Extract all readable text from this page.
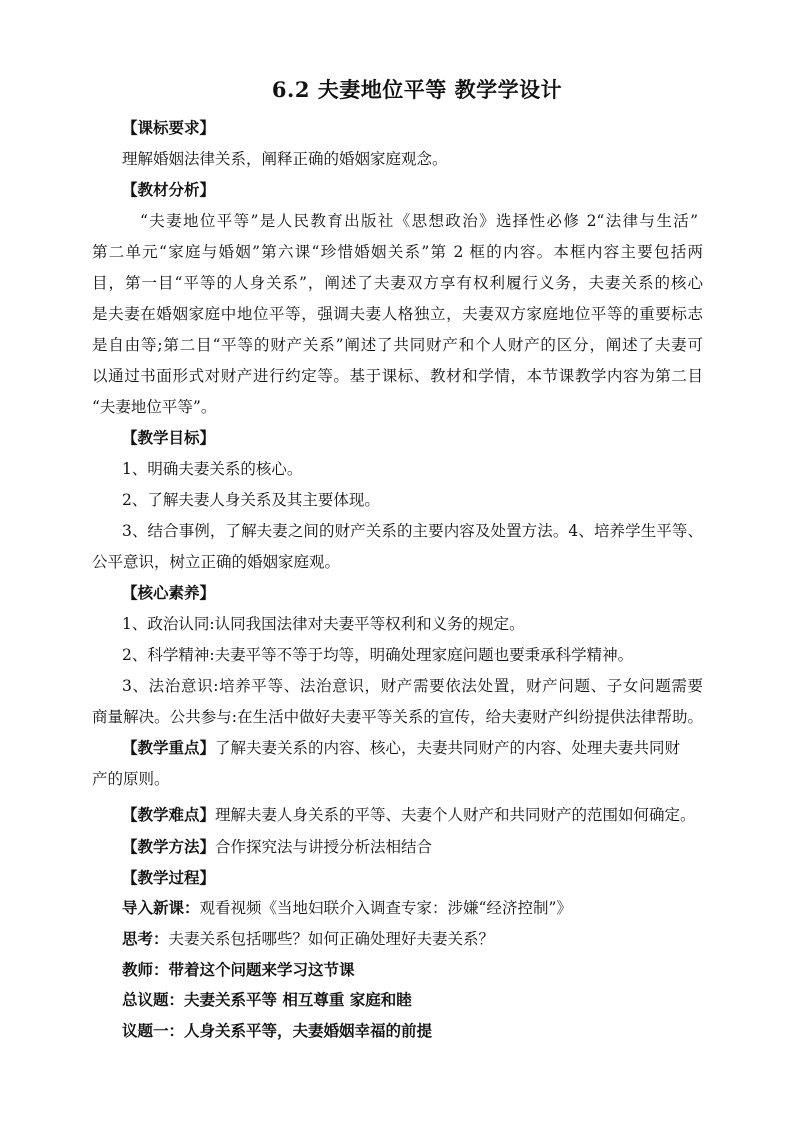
6.2 夫妻地位平等 教学学设计
【课标要求】
理解婚姻法律关系，阐释正确的婚姻家庭观念。
【教材分析】
“夫妻地位平等”是人民教育出版社《思想政治》选择性必修 2“法律与生活”
第二单元“家庭与婚姻”第六课“珍惜婚姻关系”第 2 框的内容。本框内容主要包括两
目，第一目“平等的人身关系”，阐述了夫妻双方享有权利履行义务，夫妻关系的核心
是夫妻在婚姻家庭中地位平等，强调夫妻人格独立，夫妻双方家庭地位平等的重要标志
是自由等;第二目“平等的财产关系”阐述了共同财产和个人财产的区分，阐述了夫妻可
以通过书面形式对财产进行约定等。基于课标、教材和学情，本节课教学内容为第二目
“夫妻地位平等”。
【教学目标】
1、明确夫妻关系的核心。
2、了解夫妻人身关系及其主要体现。
3、结合事例，了解夫妻之间的财产关系的主要内容及处置方法。4、培养学生平等、
公平意识，树立正确的婚姻家庭观。
【核心素养】
1、政治认同:认同我国法律对夫妻平等权利和义务的规定。
2、科学精神:夫妻平等不等于均等，明确处理家庭问题也要秉承科学精神。
3、法治意识:培养平等、法治意识，财产需要依法处置，财产问题、子女问题需要
商量解决。公共参与:在生活中做好夫妻平等关系的宣传，给夫妻财产纠纷提供法律帮助。
【教学重点】了解夫妻关系的内容、核心，夫妻共同财产的内容、处理夫妻共同财
产的原则。
【教学难点】理解夫妻人身关系的平等、夫妻个人财产和共同财产的范围如何确定。
【教学方法】合作探究法与讲授分析法相结合
【教学过程】
导入新课：观看视频《当地妇联介入调查专家：涉嫌“经济控制”》
思考：夫妻关系包括哪些？如何正确处理好夫妻关系？
教师：带着这个问题来学习这节课
总议题：夫妻关系平等 相互尊重 家庭和睦
议题一：人身关系平等，夫妻婚姻幸福的前提
